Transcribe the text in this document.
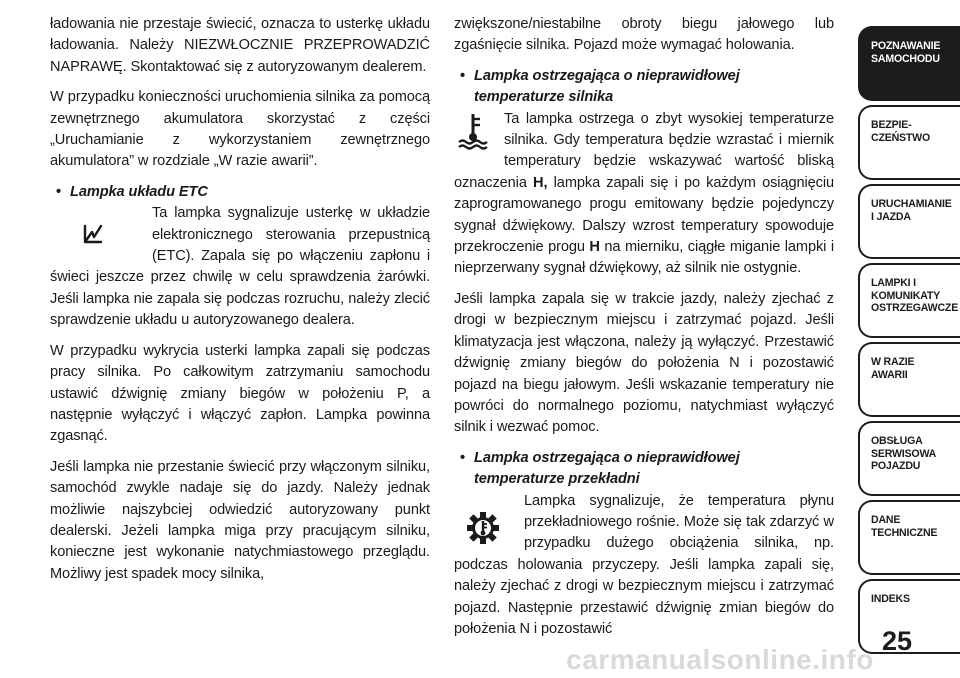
ładowania nie przestaje świecić, oznacza to usterkę układu ładowania. Należy NIEZWŁOCZNIE PRZEPROWADZIĆ NAPRAWĘ. Skontaktować się z autoryzowanym dealerem.

W przypadku konieczności uruchomienia silnika za pomocą zewnętrznego akumulatora skorzystać z części „Uruchamianie z wykorzystaniem zewnętrznego akumulatora” w rozdziale „W razie awarii”.

• Lampka układu ETC
Ta lampka sygnalizuje usterkę w układzie elektronicznego sterowania przepustnicą (ETC). Zapala się po włączeniu zapłonu i świeci jeszcze przez chwilę w celu sprawdzenia żarówki. Jeśli lampka nie zapala się podczas rozruchu, należy zlecić sprawdzenie układu u autoryzowanego dealera.

W przypadku wykrycia usterki lampka zapali się podczas pracy silnika. Po całkowitym zatrzymaniu samochodu ustawić dźwignię zmiany biegów w położeniu P, a następnie wyłączyć i włączyć zapłon. Lampka powinna zgasnąć.

Jeśli lampka nie przestanie świecić przy włączonym silniku, samochód zwykle nadaje się do jazdy. Należy jednak możliwie najszybciej odwiedzić autoryzowany punkt dealerski. Jeżeli lampka miga przy pracującym silniku, konieczne jest wykonanie natychmiastowego przeglądu. Możliwy jest spadek mocy silnika,

zwiększone/niestabilne obroty biegu jałowego lub zgaśnięcie silnika. Pojazd może wymagać holowania.

• Lampka ostrzegająca o nieprawidłowej
temperaturze silnika
Ta lampka ostrzega o zbyt wysokiej temperaturze silnika. Gdy temperatura będzie wzrastać i miernik temperatury będzie wskazywać wartość bliską oznaczenia H, lampka zapali się i po każdym osiągnięciu zaprogramowanego progu emitowany będzie pojedynczy sygnał dźwiękowy. Dalszy wzrost temperatury spowoduje przekroczenie progu H na mierniku, ciągłe miganie lampki i nieprzerwany sygnał dźwiękowy, aż silnik nie ostygnie.

Jeśli lampka zapala się w trakcie jazdy, należy zjechać z drogi w bezpiecznym miejscu i zatrzymać pojazd. Jeśli klimatyzacja jest włączona, należy ją wyłączyć. Przestawić dźwignię zmiany biegów do położenia N i pozostawić pojazd na biegu jałowym. Jeśli wskazanie temperatury nie powróci do normalnego poziomu, natychmiast wyłączyć silnik i wezwać pomoc.

• Lampka ostrzegająca o nieprawidłowej
temperaturze przekładni
Lampka sygnalizuje, że temperatura płynu przekładniowego rośnie. Może się tak zdarzyć w przypadku dużego obciążenia silnika, np. podczas holowania przyczepy. Jeśli lampka zapali się, należy zjechać z drogi w bezpiecznym miejscu i zatrzymać pojazd. Następnie przestawić dźwignię zmian biegów do położenia N i pozostawić
POZNAWANIE
SAMOCHODU
BEZPIE-
CZEŃSTWO
URUCHAMIANIE
I JAZDA
LAMPKI I
KOMUNIKATY
OSTRZEGAWCZE
W RAZIE
AWARII
OBSŁUGA
SERWISOWA
POJAZDU
DANE
TECHNICZNE
INDEKS
25
carmanualsonline.info
